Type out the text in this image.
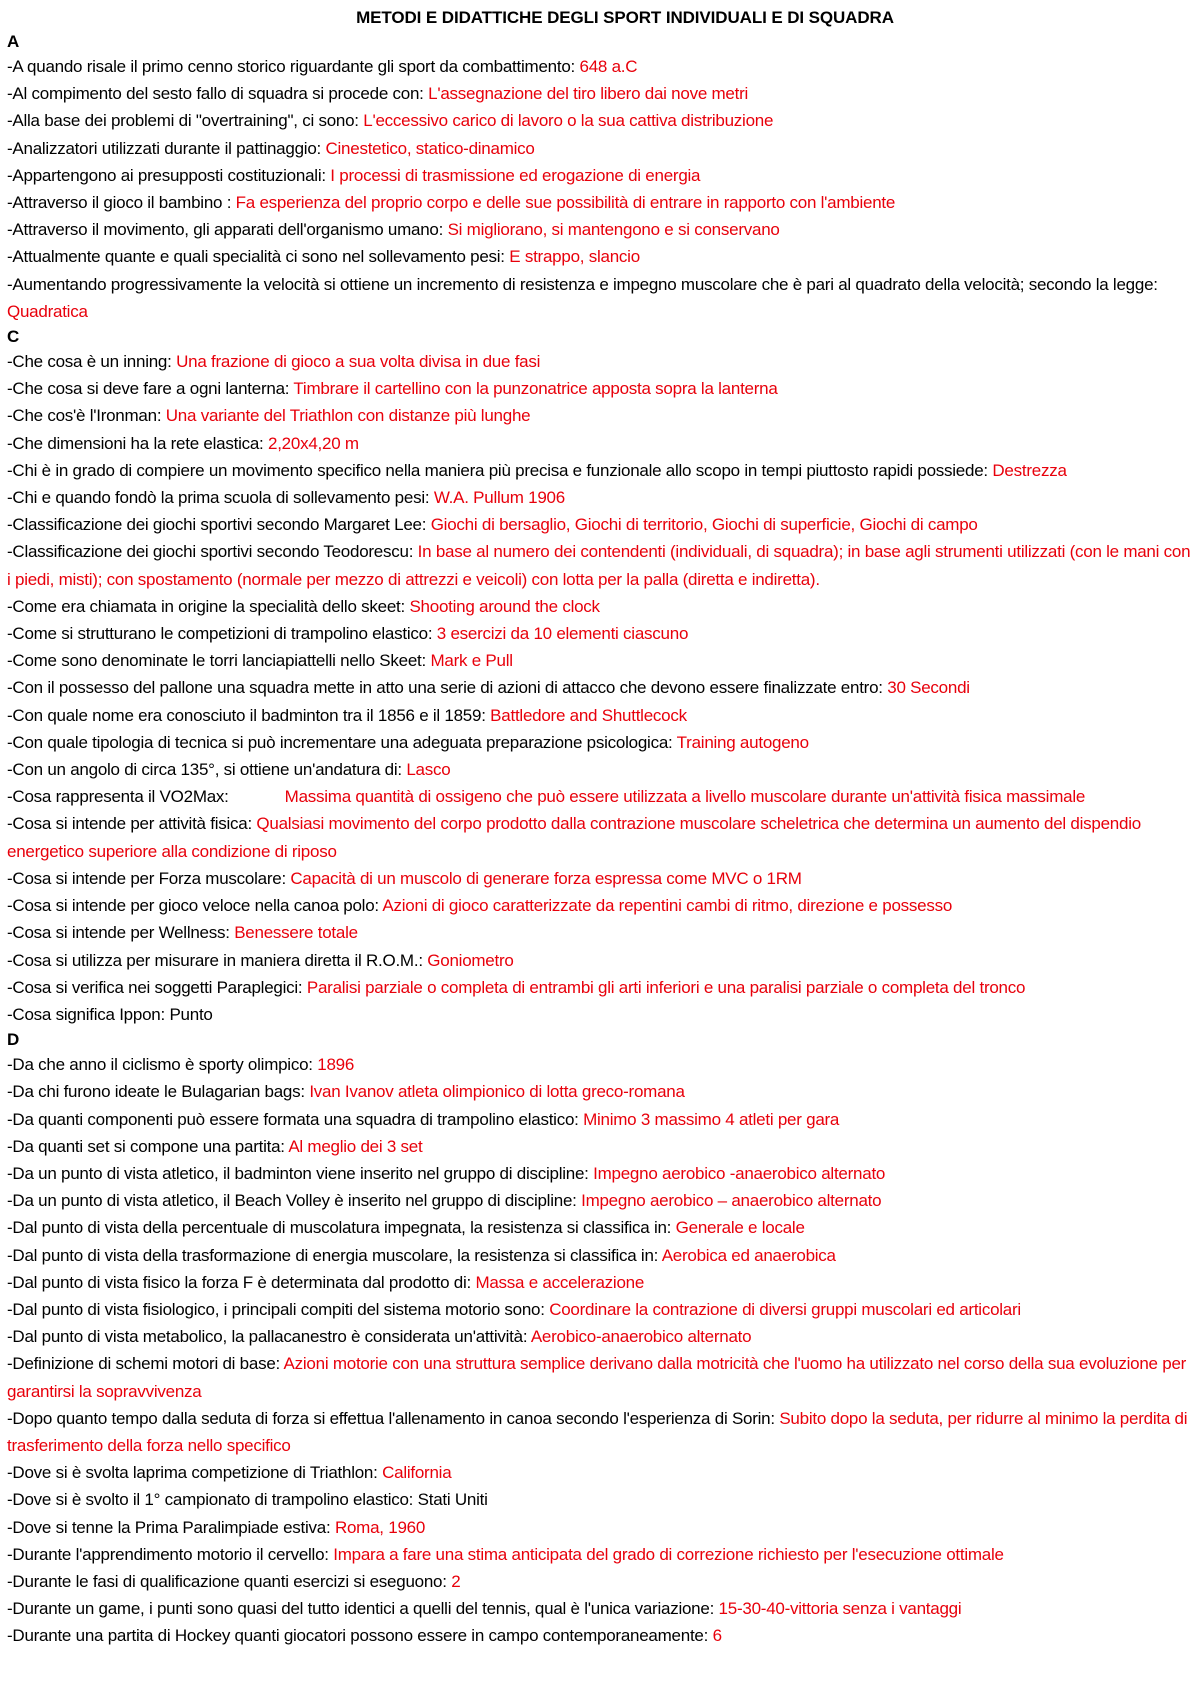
METODI E DIDATTICHE DEGLI SPORT INDIVIDUALI E DI SQUADRA
A
-A quando risale il primo cenno storico riguardante gli sport da combattimento: 648 a.C
-Al compimento del sesto fallo di squadra si procede con: L'assegnazione del tiro libero dai nove metri
-Alla base dei problemi di "overtraining", ci sono: L'eccessivo carico di lavoro o la sua cattiva distribuzione
-Analizzatori utilizzati durante il pattinaggio: Cinestetico, statico-dinamico
-Appartengono ai presupposti costituzionali: I processi di trasmissione ed erogazione di energia
-Attraverso il gioco il bambino : Fa esperienza del proprio corpo e delle sue possibilità di entrare in rapporto con l'ambiente
-Attraverso il movimento, gli apparati dell'organismo umano: Si migliorano, si mantengono e si conservano
-Attualmente quante e quali specialità ci sono nel sollevamento pesi: E strappo, slancio
-Aumentando progressivamente la velocità si ottiene un incremento di resistenza e impegno muscolare che è pari al quadrato della velocità; secondo la legge: Quadratica
C
-Che cosa è un inning: Una frazione di gioco a sua volta divisa in due fasi
-Che cosa si deve fare a ogni lanterna: Timbrare il cartellino con la punzonatrice apposta sopra la lanterna
-Che cos'è l'Ironman: Una variante del Triathlon con distanze più lunghe
-Che dimensioni ha la rete elastica: 2,20x4,20 m
-Chi è in grado di compiere un movimento specifico nella maniera più precisa e funzionale allo scopo in tempi piuttosto rapidi possiede: Destrezza
-Chi e quando fondò la prima scuola di sollevamento pesi: W.A. Pullum 1906
-Classificazione dei giochi sportivi secondo Margaret Lee: Giochi di bersaglio, Giochi di territorio, Giochi di superficie, Giochi di campo
-Classificazione dei giochi sportivi secondo Teodorescu: In base al numero dei contendenti (individuali, di squadra); in base agli strumenti utilizzati (con le mani con i piedi, misti); con spostamento (normale per mezzo di attrezzi e veicoli) con lotta per la palla (diretta e indiretta).
-Come era chiamata in origine la specialità dello skeet: Shooting around the clock
-Come si strutturano le competizioni di trampolino elastico: 3 esercizi da 10 elementi ciascuno
-Come sono denominate le torri lanciapiattelli nello Skeet: Mark e Pull
-Con il possesso del pallone una squadra mette in atto una serie di azioni di attacco che devono essere finalizzate entro: 30 Secondi
-Con quale nome era conosciuto il badminton tra il 1856 e il 1859: Battledore and Shuttlecock
-Con quale tipologia di tecnica si può incrementare una adeguata preparazione psicologica: Training autogeno
-Con un angolo di circa 135°, si ottiene un'andatura di: Lasco
-Cosa rappresenta il VO2Max:	Massima quantità di ossigeno che può essere utilizzata a livello muscolare durante un'attività fisica massimale
-Cosa si intende per attività fisica: Qualsiasi movimento del corpo prodotto dalla contrazione muscolare scheletrica che determina un aumento del dispendio energetico superiore alla condizione di riposo
-Cosa si intende per Forza muscolare: Capacità di un muscolo di generare forza espressa come MVC o 1RM
-Cosa si intende per gioco veloce nella canoa polo: Azioni di gioco caratterizzate da repentini cambi di ritmo, direzione e possesso
-Cosa si intende per Wellness: Benessere totale
-Cosa si utilizza per misurare in maniera diretta il R.O.M.: Goniometro
-Cosa si verifica nei soggetti Paraplegici: Paralisi parziale o completa di entrambi gli arti inferiori e una paralisi parziale o completa del tronco
-Cosa significa Ippon: Punto
D
-Da che anno il ciclismo è sporty olimpico: 1896
-Da chi furono ideate le Bulagarian bags: Ivan Ivanov atleta olimpionico di lotta greco-romana
-Da quanti componenti può essere formata una squadra di trampolino elastico: Minimo 3 massimo 4 atleti per gara
-Da quanti set si compone una partita: Al meglio dei 3 set
-Da un punto di vista atletico, il badminton viene inserito nel gruppo di discipline: Impegno aerobico -anaerobico alternato
-Da un punto di vista atletico, il Beach Volley è inserito nel gruppo di discipline: Impegno aerobico – anaerobico alternato
-Dal punto di vista della percentuale di muscolatura impegnata, la resistenza si classifica in: Generale e locale
-Dal punto di vista della trasformazione di energia muscolare, la resistenza si classifica in: Aerobica ed anaerobica
-Dal punto di vista fisico la forza F è determinata dal prodotto di: Massa e accelerazione
-Dal punto di vista fisiologico, i principali compiti del sistema motorio sono: Coordinare la contrazione di diversi gruppi muscolari ed articolari
-Dal punto di vista metabolico, la pallacanestro è considerata un'attività: Aerobico-anaerobico alternato
-Definizione di schemi motori di base: Azioni motorie con una struttura semplice derivano dalla motricità che l'uomo ha utilizzato nel corso della sua evoluzione per garantirsi la sopravvivenza
-Dopo quanto tempo dalla seduta di forza si effettua l'allenamento in canoa secondo l'esperienza di Sorin: Subito dopo la seduta, per ridurre al minimo la perdita di trasferimento della forza nello specifico
-Dove si è svolta laprima competizione di Triathlon: California
-Dove si è svolto il 1° campionato di trampolino elastico: Stati Uniti
-Dove si tenne la Prima Paralimpiade estiva: Roma, 1960
-Durante l'apprendimento motorio il cervello: Impara a fare una stima anticipata del grado di correzione richiesto per l'esecuzione ottimale
-Durante le fasi di qualificazione quanti esercizi si eseguono: 2
-Durante un game, i punti sono quasi del tutto identici a quelli del tennis, qual è l'unica variazione: 15-30-40-vittoria senza i vantaggi
-Durante una partita di Hockey quanti giocatori possono essere in campo contemporaneamente: 6
